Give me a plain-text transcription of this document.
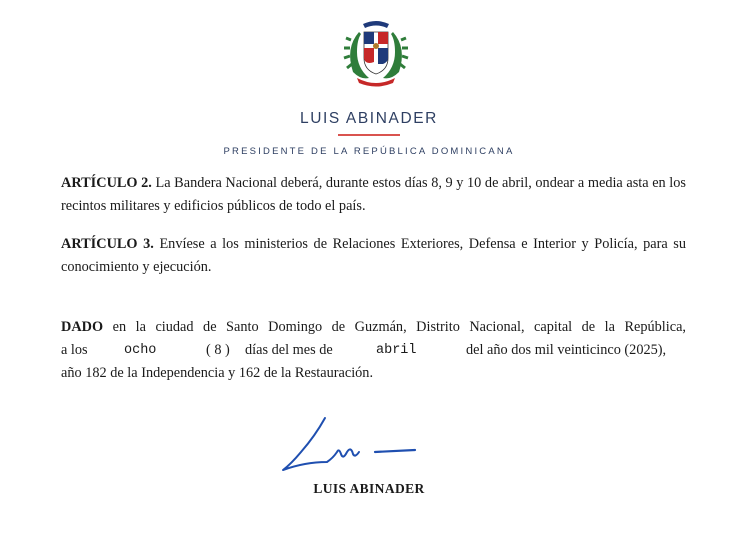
LUIS ABINADER
PRESIDENTE DE LA REPÚBLICA DOMINICANA
ARTÍCULO 2. La Bandera Nacional deberá, durante estos días 8, 9 y 10 de abril, ondear a media asta en los recintos militares y edificios públicos de todo el país.
ARTÍCULO 3. Envíese a los ministerios de Relaciones Exteriores, Defensa e Interior y Policía, para su conocimiento y ejecución.
DADO en la ciudad de Santo Domingo de Guzmán, Distrito Nacional, capital de la República,
a los	ocho	( 8 ) días del mes de	abril	del año dos mil veinticinco (2025),
año 182 de la Independencia y 162 de la Restauración.
LUIS ABINADER
